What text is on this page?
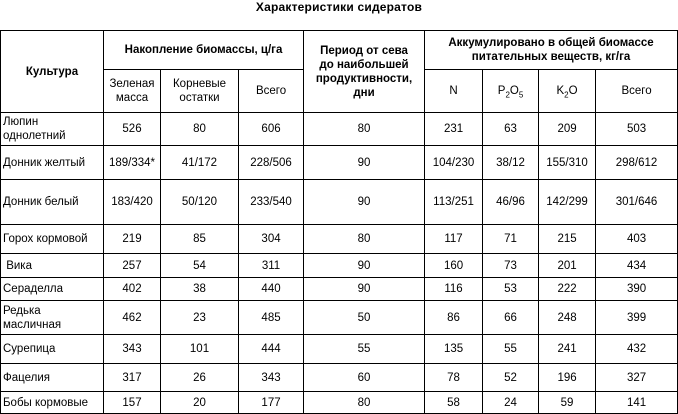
Характеристики сидератов
Культура	Накопление биомассы, ц/га			Период от сева
до наибольшей
продуктивности,
дни	Аккумулировано в общей биомассе
питательных веществ, кг/га			
	Зеленая
масса	Корневые
остатки	Всего		N	$P_2O_5$	$K_2O$	Всего
Люпин
однолетний	526	80	606	80	231	63	209	503
Донник желтый	189/334*	41/172	228/506	90	104/230	38/12	155/310	298/612
Донник белый	183/420	50/120	233/540	90	113/251	46/96	142/299	301/646
Горох кормовой	219	85	304	80	117	71	215	403
Вика	257	54	311	90	160	73	201	434
Сераделла	402	38	440	90	116	53	222	390
Редька
масличная	462	23	485	50	86	66	248	399
Сурепица	343	101	444	55	135	55	241	432
Фацелия	317	26	343	60	78	52	196	327
Бобы кормовые	157	20	177	80	58	24	59	141
